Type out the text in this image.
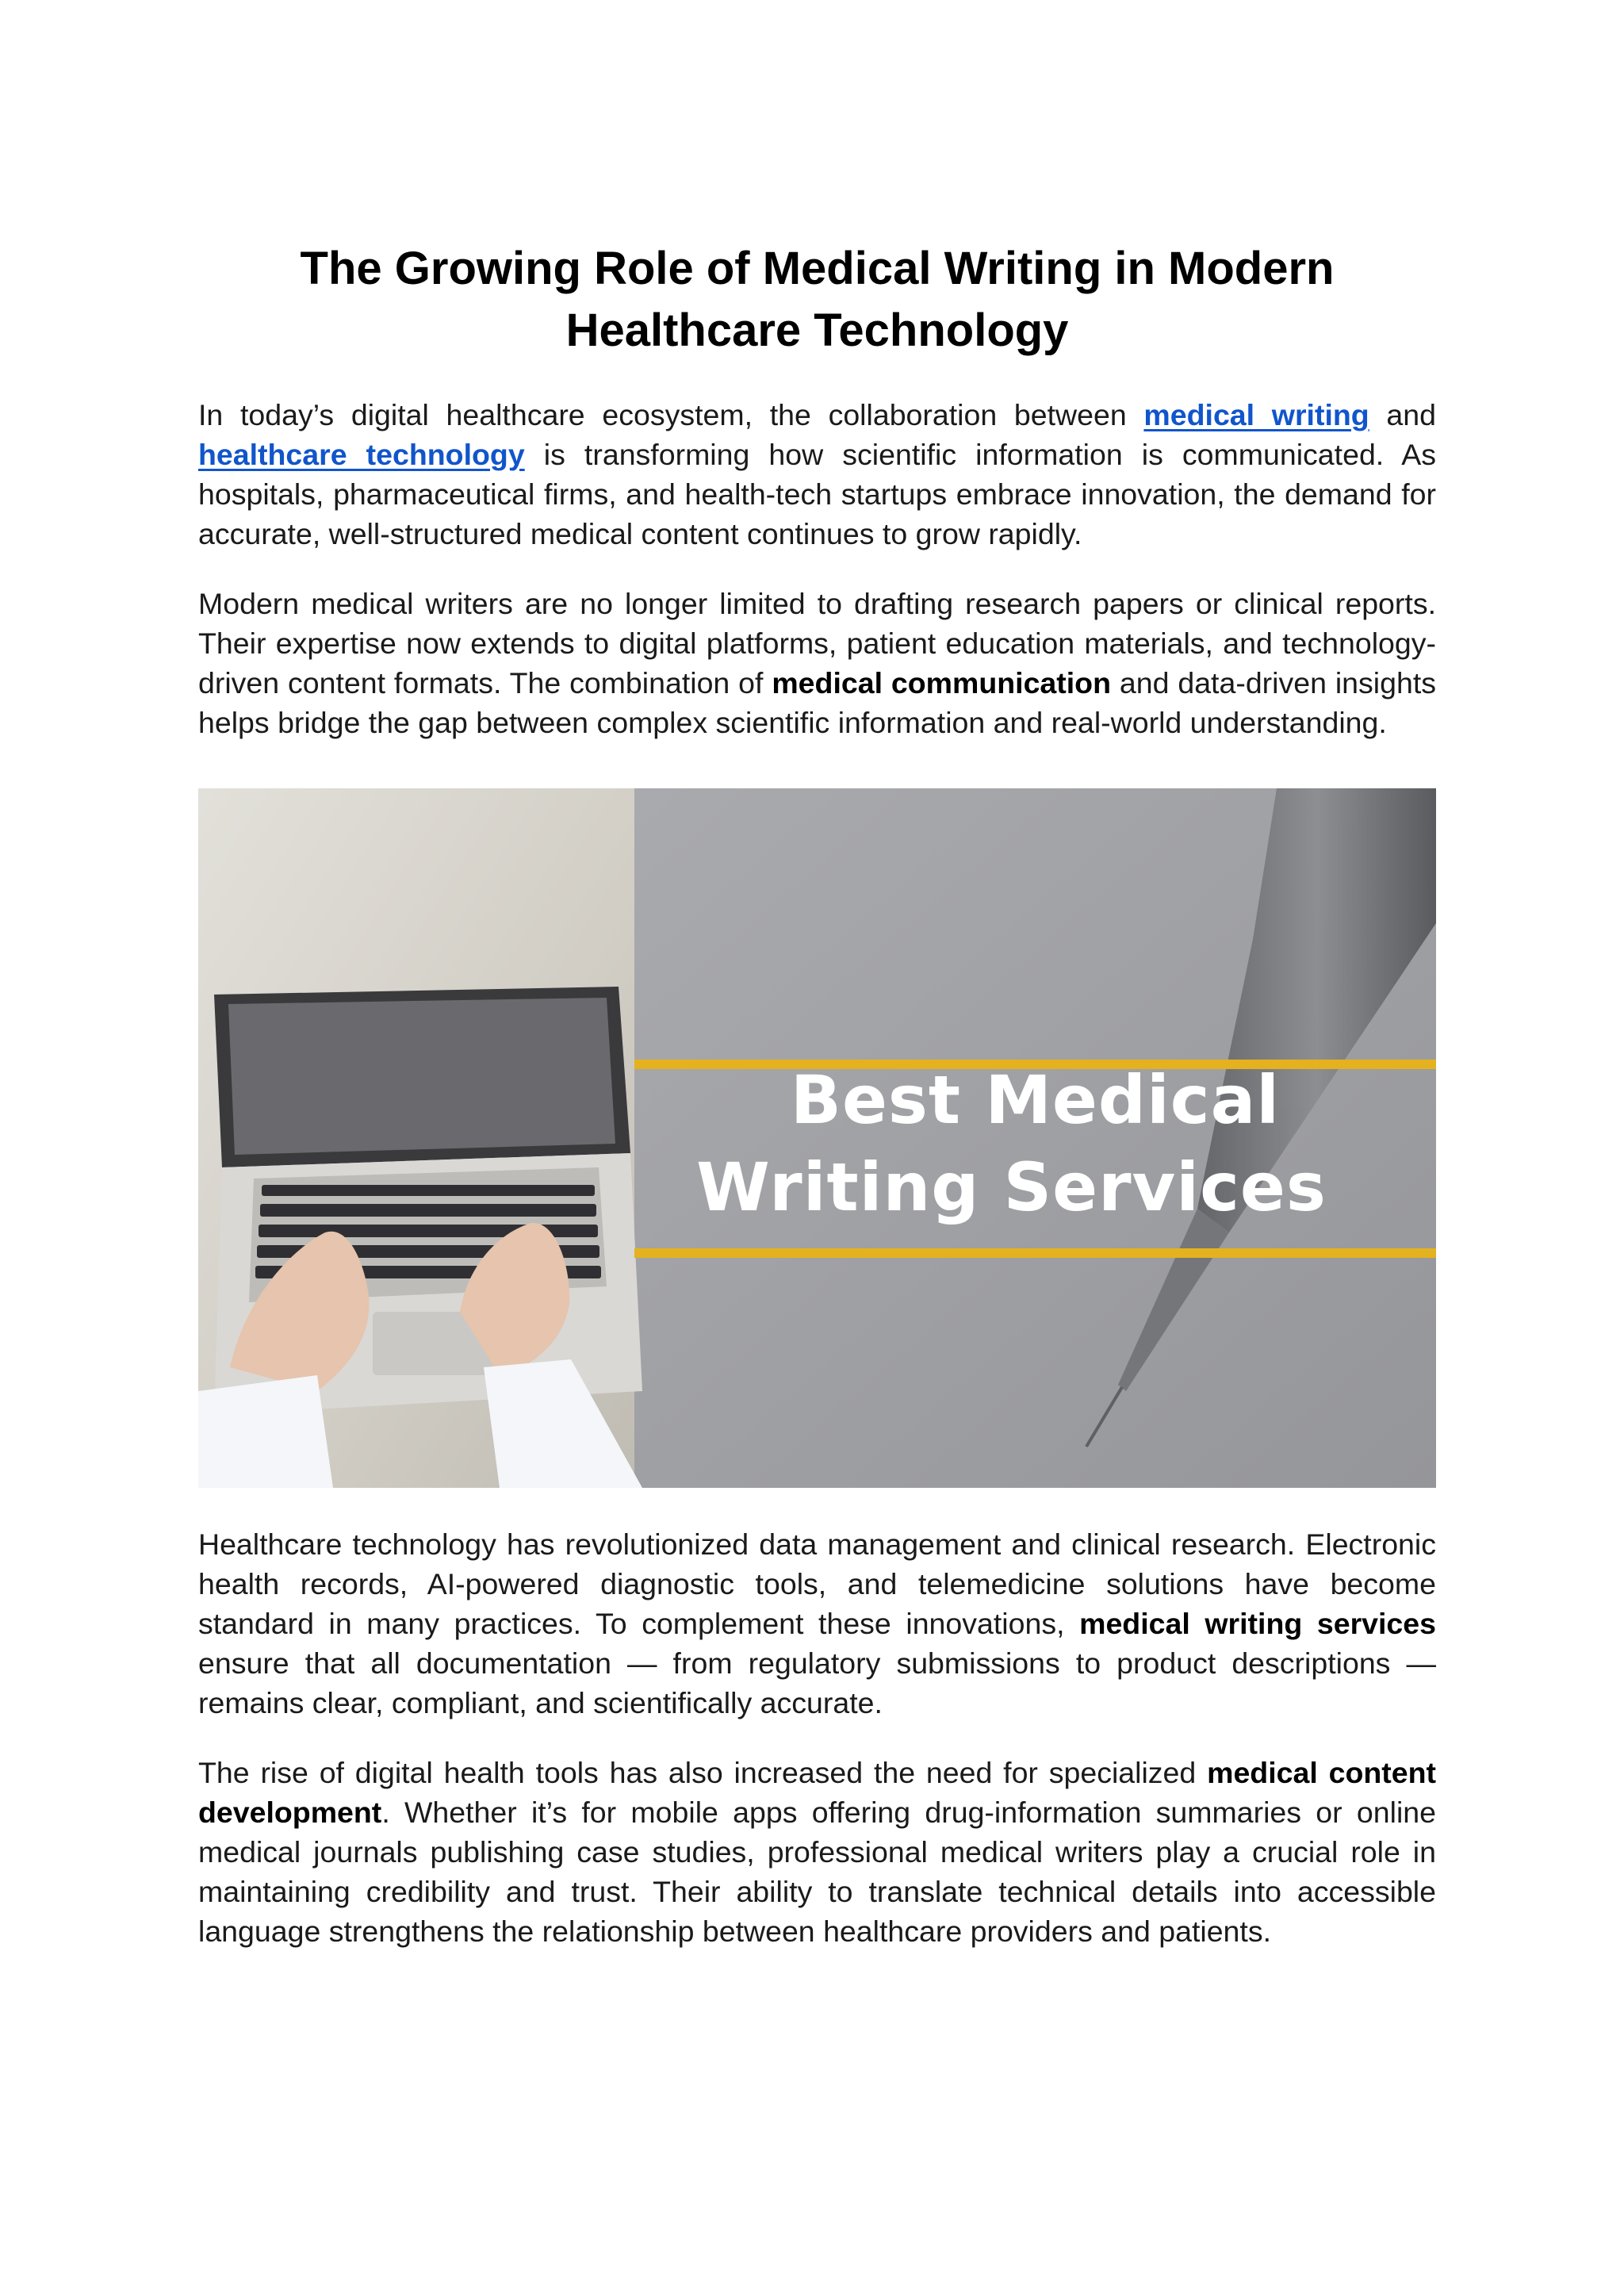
The Growing Role of Medical Writing in Modern
Healthcare Technology

In today’s digital healthcare ecosystem, the collaboration between medical writing and healthcare technology is transforming how scientific information is communicated. As hospitals, pharmaceutical firms, and health-tech startups embrace innovation, the demand for accurate, well-structured medical content continues to grow rapidly.

Modern medical writers are no longer limited to drafting research papers or clinical reports. Their expertise now extends to digital platforms, patient education materials, and technology-driven content formats. The combination of medical communication and data-driven insights helps bridge the gap between complex scientific information and real-world understanding.

Best Medical
Writing Services

Healthcare technology has revolutionized data management and clinical research. Electronic health records, AI-powered diagnostic tools, and telemedicine solutions have become standard in many practices. To complement these innovations, medical writing services ensure that all documentation — from regulatory submissions to product descriptions — remains clear, compliant, and scientifically accurate.

The rise of digital health tools has also increased the need for specialized medical content development. Whether it’s for mobile apps offering drug-information summaries or online medical journals publishing case studies, professional medical writers play a crucial role in maintaining credibility and trust. Their ability to translate technical details into accessible language strengthens the relationship between healthcare providers and patients.
